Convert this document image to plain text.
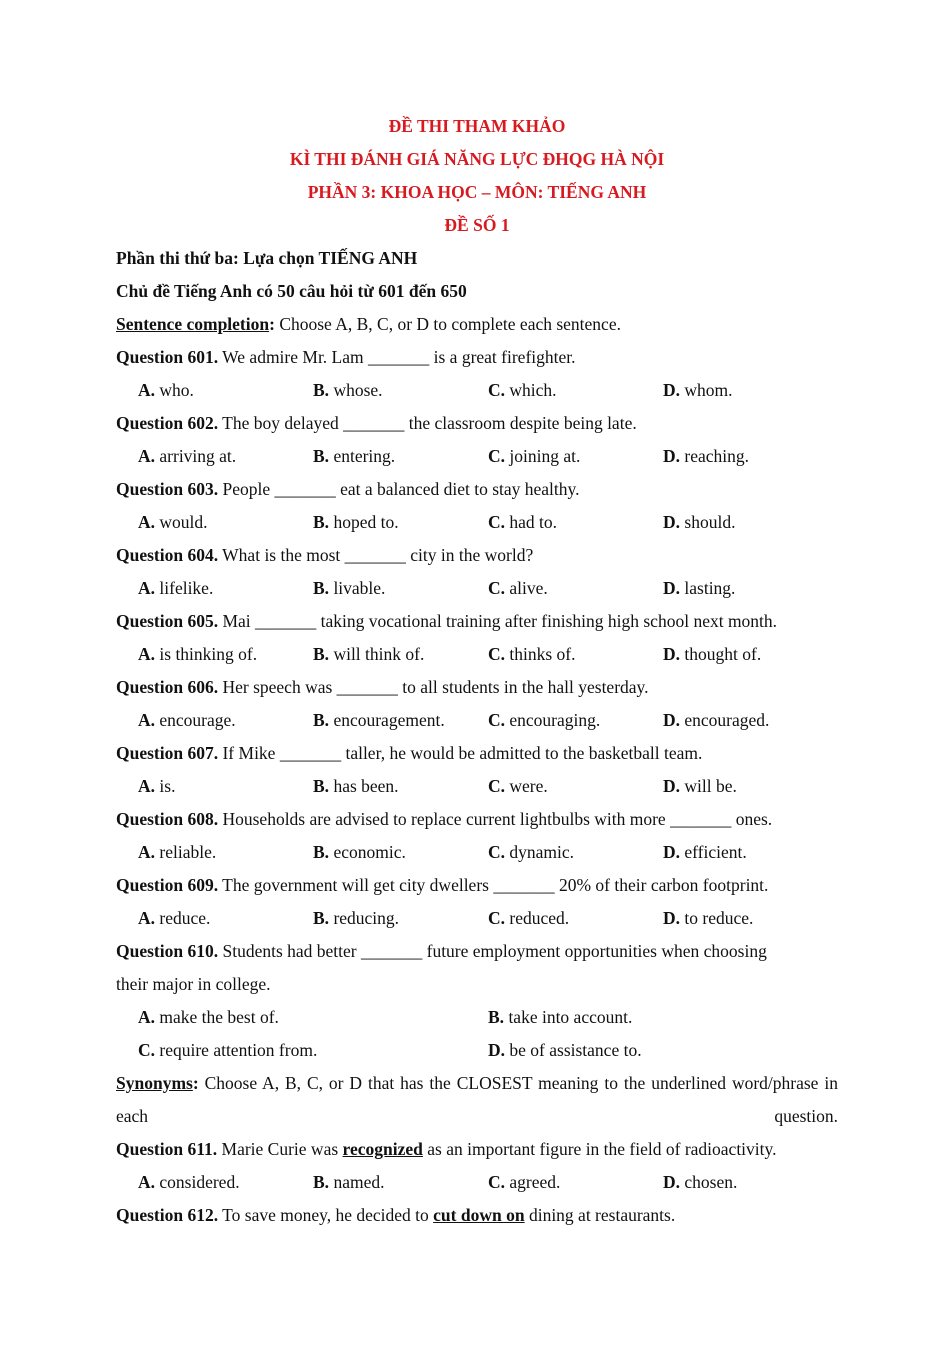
ĐỀ THI THAM KHẢO
KÌ THI ĐÁNH GIÁ NĂNG LỰC ĐHQG HÀ NỘI
PHẦN 3: KHOA HỌC – MÔN: TIẾNG ANH
ĐỀ SỐ 1
Phần thi thứ ba: Lựa chọn TIẾNG ANH
Chủ đề Tiếng Anh có 50 câu hỏi từ 601 đến 650
Sentence completion: Choose A, B, C, or D to complete each sentence.
Question 601. We admire Mr. Lam _______ is a great firefighter.
A. who.	B. whose.	C. which.	D. whom.
Question 602. The boy delayed _______ the classroom despite being late.
A. arriving at.	B. entering.	C. joining at.	D. reaching.
Question 603. People _______ eat a balanced diet to stay healthy.
A. would.	B. hoped to.	C. had to.	D. should.
Question 604. What is the most _______ city in the world?
A. lifelike.	B. livable.	C. alive.	D. lasting.
Question 605. Mai _______ taking vocational training after finishing high school next month.
A. is thinking of.	B. will think of.	C. thinks of.	D. thought of.
Question 606. Her speech was _______ to all students in the hall yesterday.
A. encourage.	B. encouragement.	C. encouraging.	D. encouraged.
Question 607. If Mike _______ taller, he would be admitted to the basketball team.
A. is.	B. has been.	C. were.	D. will be.
Question 608. Households are advised to replace current lightbulbs with more _______ ones.
A. reliable.	B. economic.	C. dynamic.	D. efficient.
Question 609. The government will get city dwellers _______ 20% of their carbon footprint.
A. reduce.	B. reducing.	C. reduced.	D. to reduce.
Question 610. Students had better _______ future employment opportunities when choosing
their major in college.
A. make the best of.	B. take into account.
C. require attention from.	D. be of assistance to.
Synonyms: Choose A, B, C, or D that has the CLOSEST meaning to the underlined word/phrase in each question.
Question 611. Marie Curie was recognized as an important figure in the field of radioactivity.
A. considered.	B. named.	C. agreed.	D. chosen.
Question 612. To save money, he decided to cut down on dining at restaurants.
